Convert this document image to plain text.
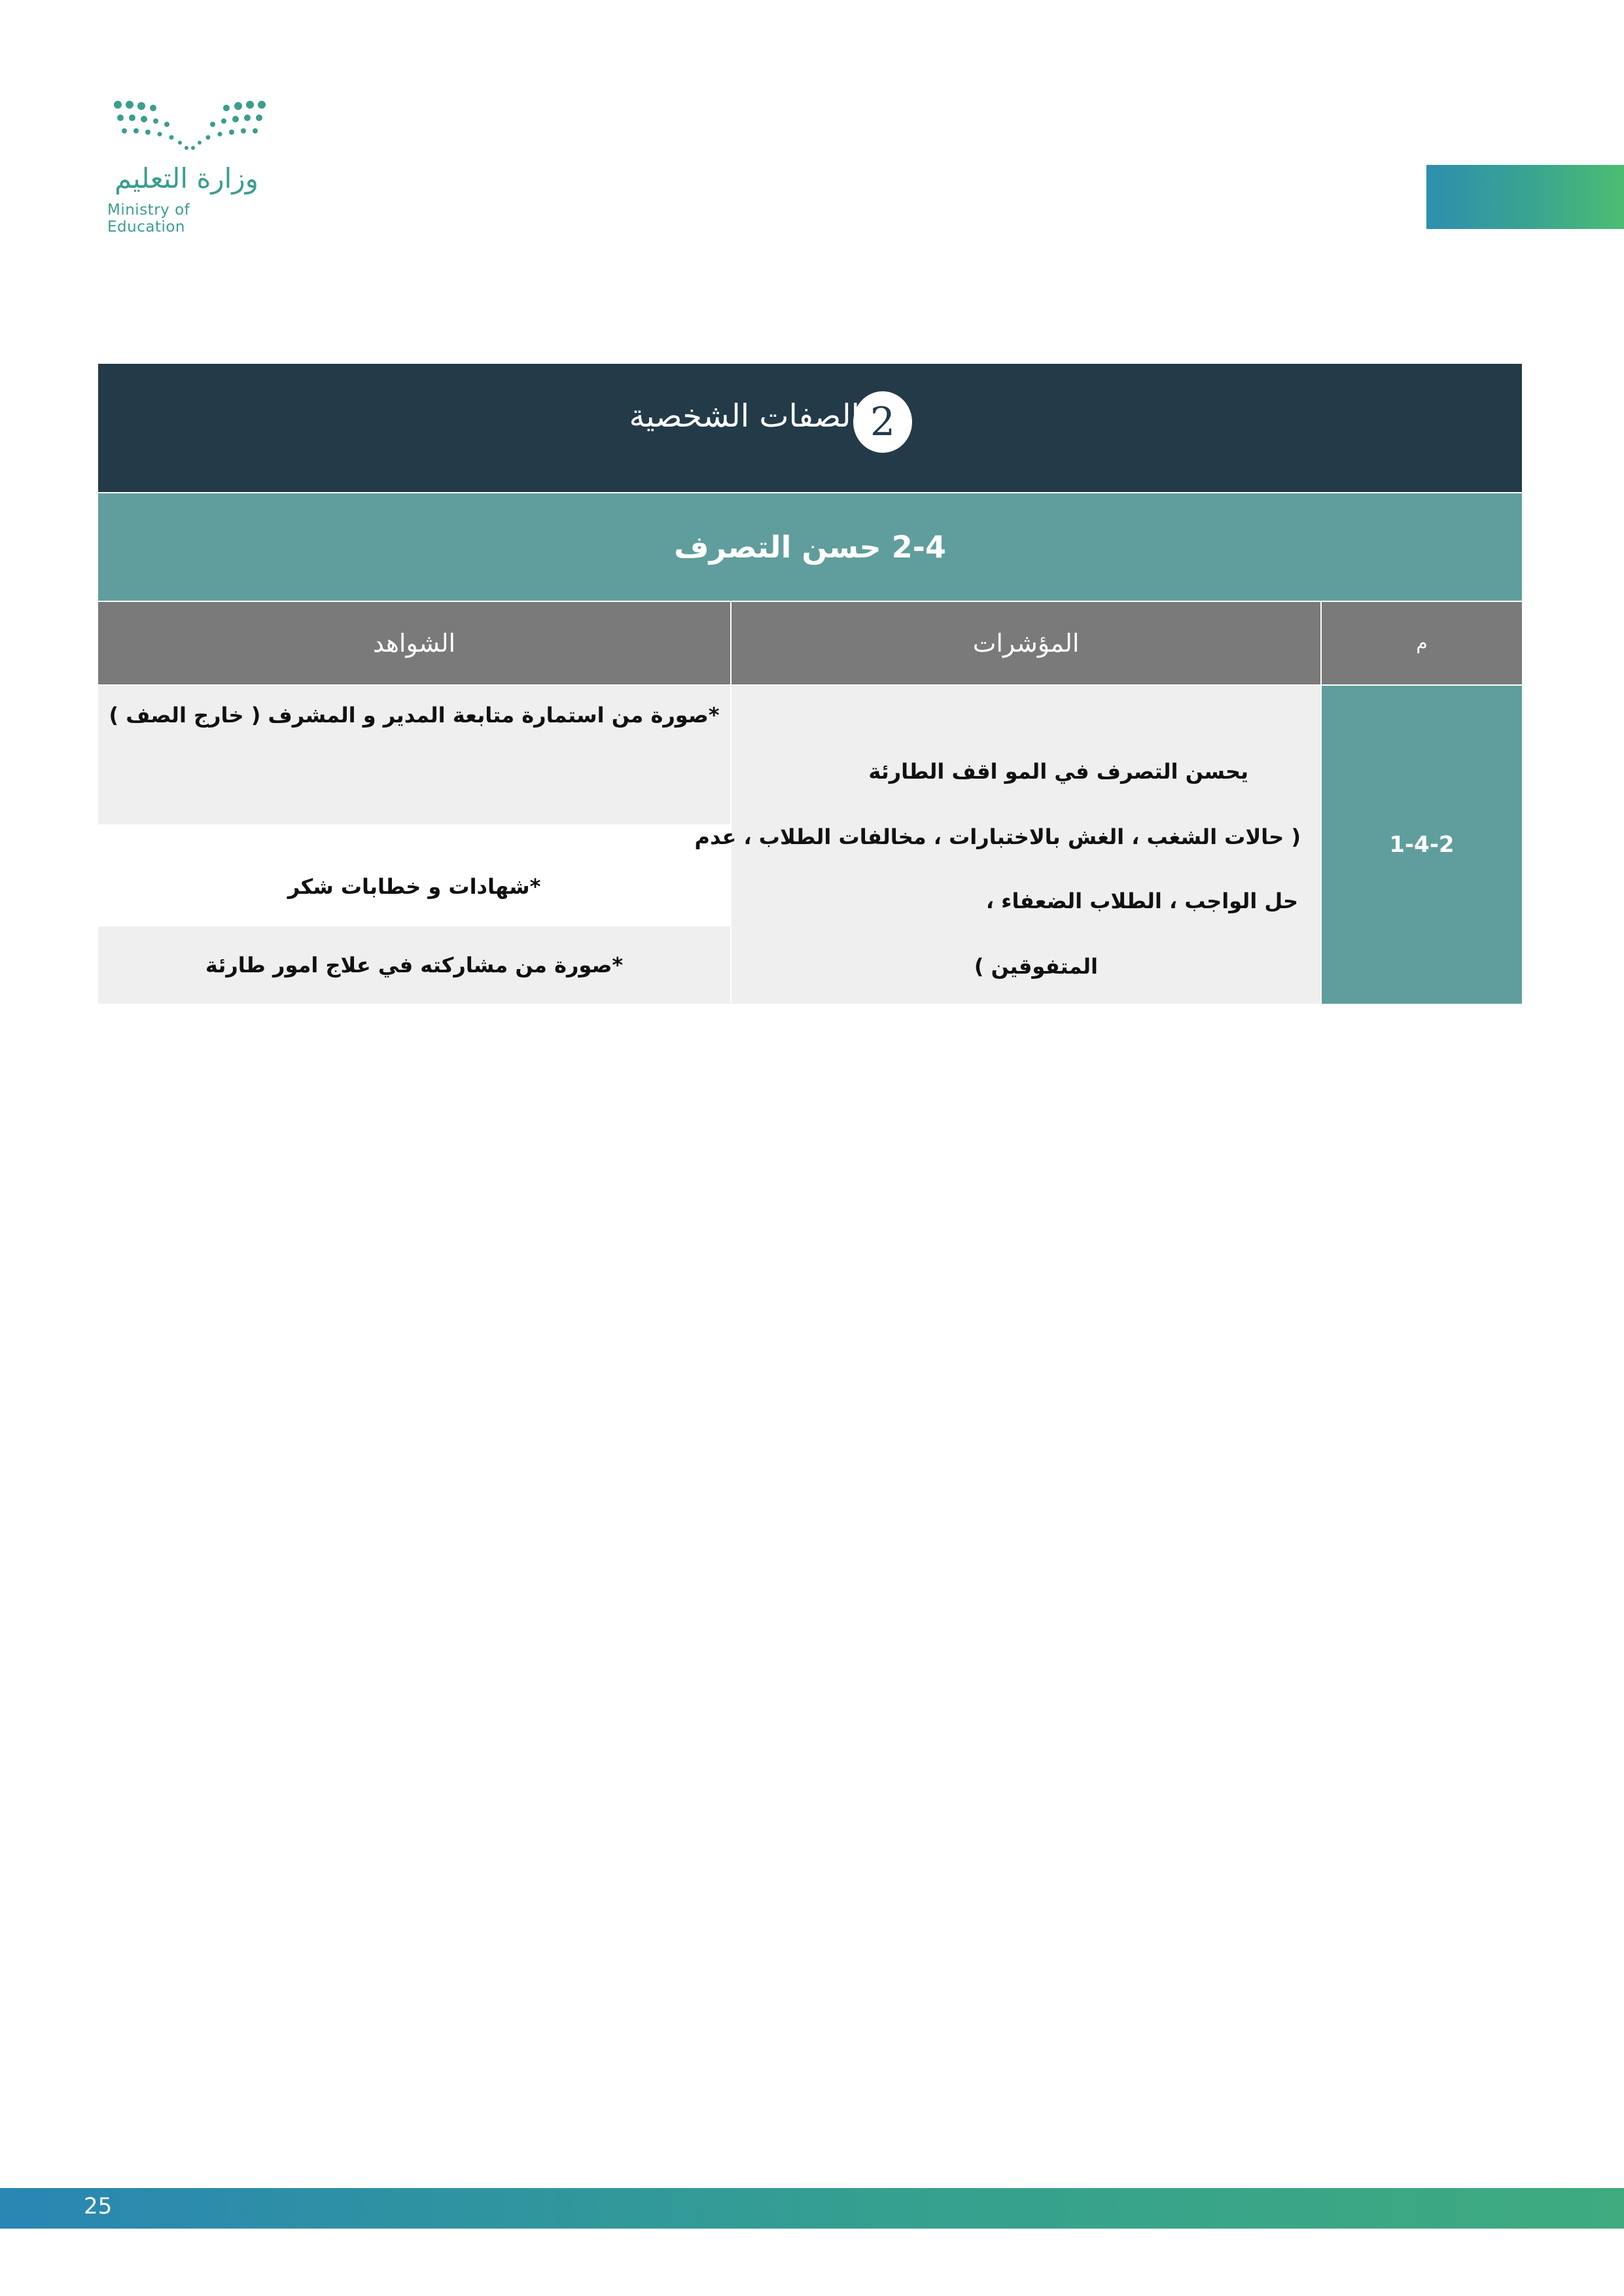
وزارة التعليم
Ministry of Education
2
الصفات الشخصية
2-4 حسن التصرف
الشواهد	المؤشرات	م
*صورة من استمارة متابعة المدير و المشرف ( خارج الصف )
*شهادات و خطابات شكر
*صورة من مشاركته في علاج امور طارئة
يحسن التصرف في المو اقف الطارئة
( حالات الشغب ، الغش بالاختبارات ، مخالفات الطلاب ، عدم
حل الواجب ، الطلاب الضعفاء ،
المتفوقين )
1-4-2
25
